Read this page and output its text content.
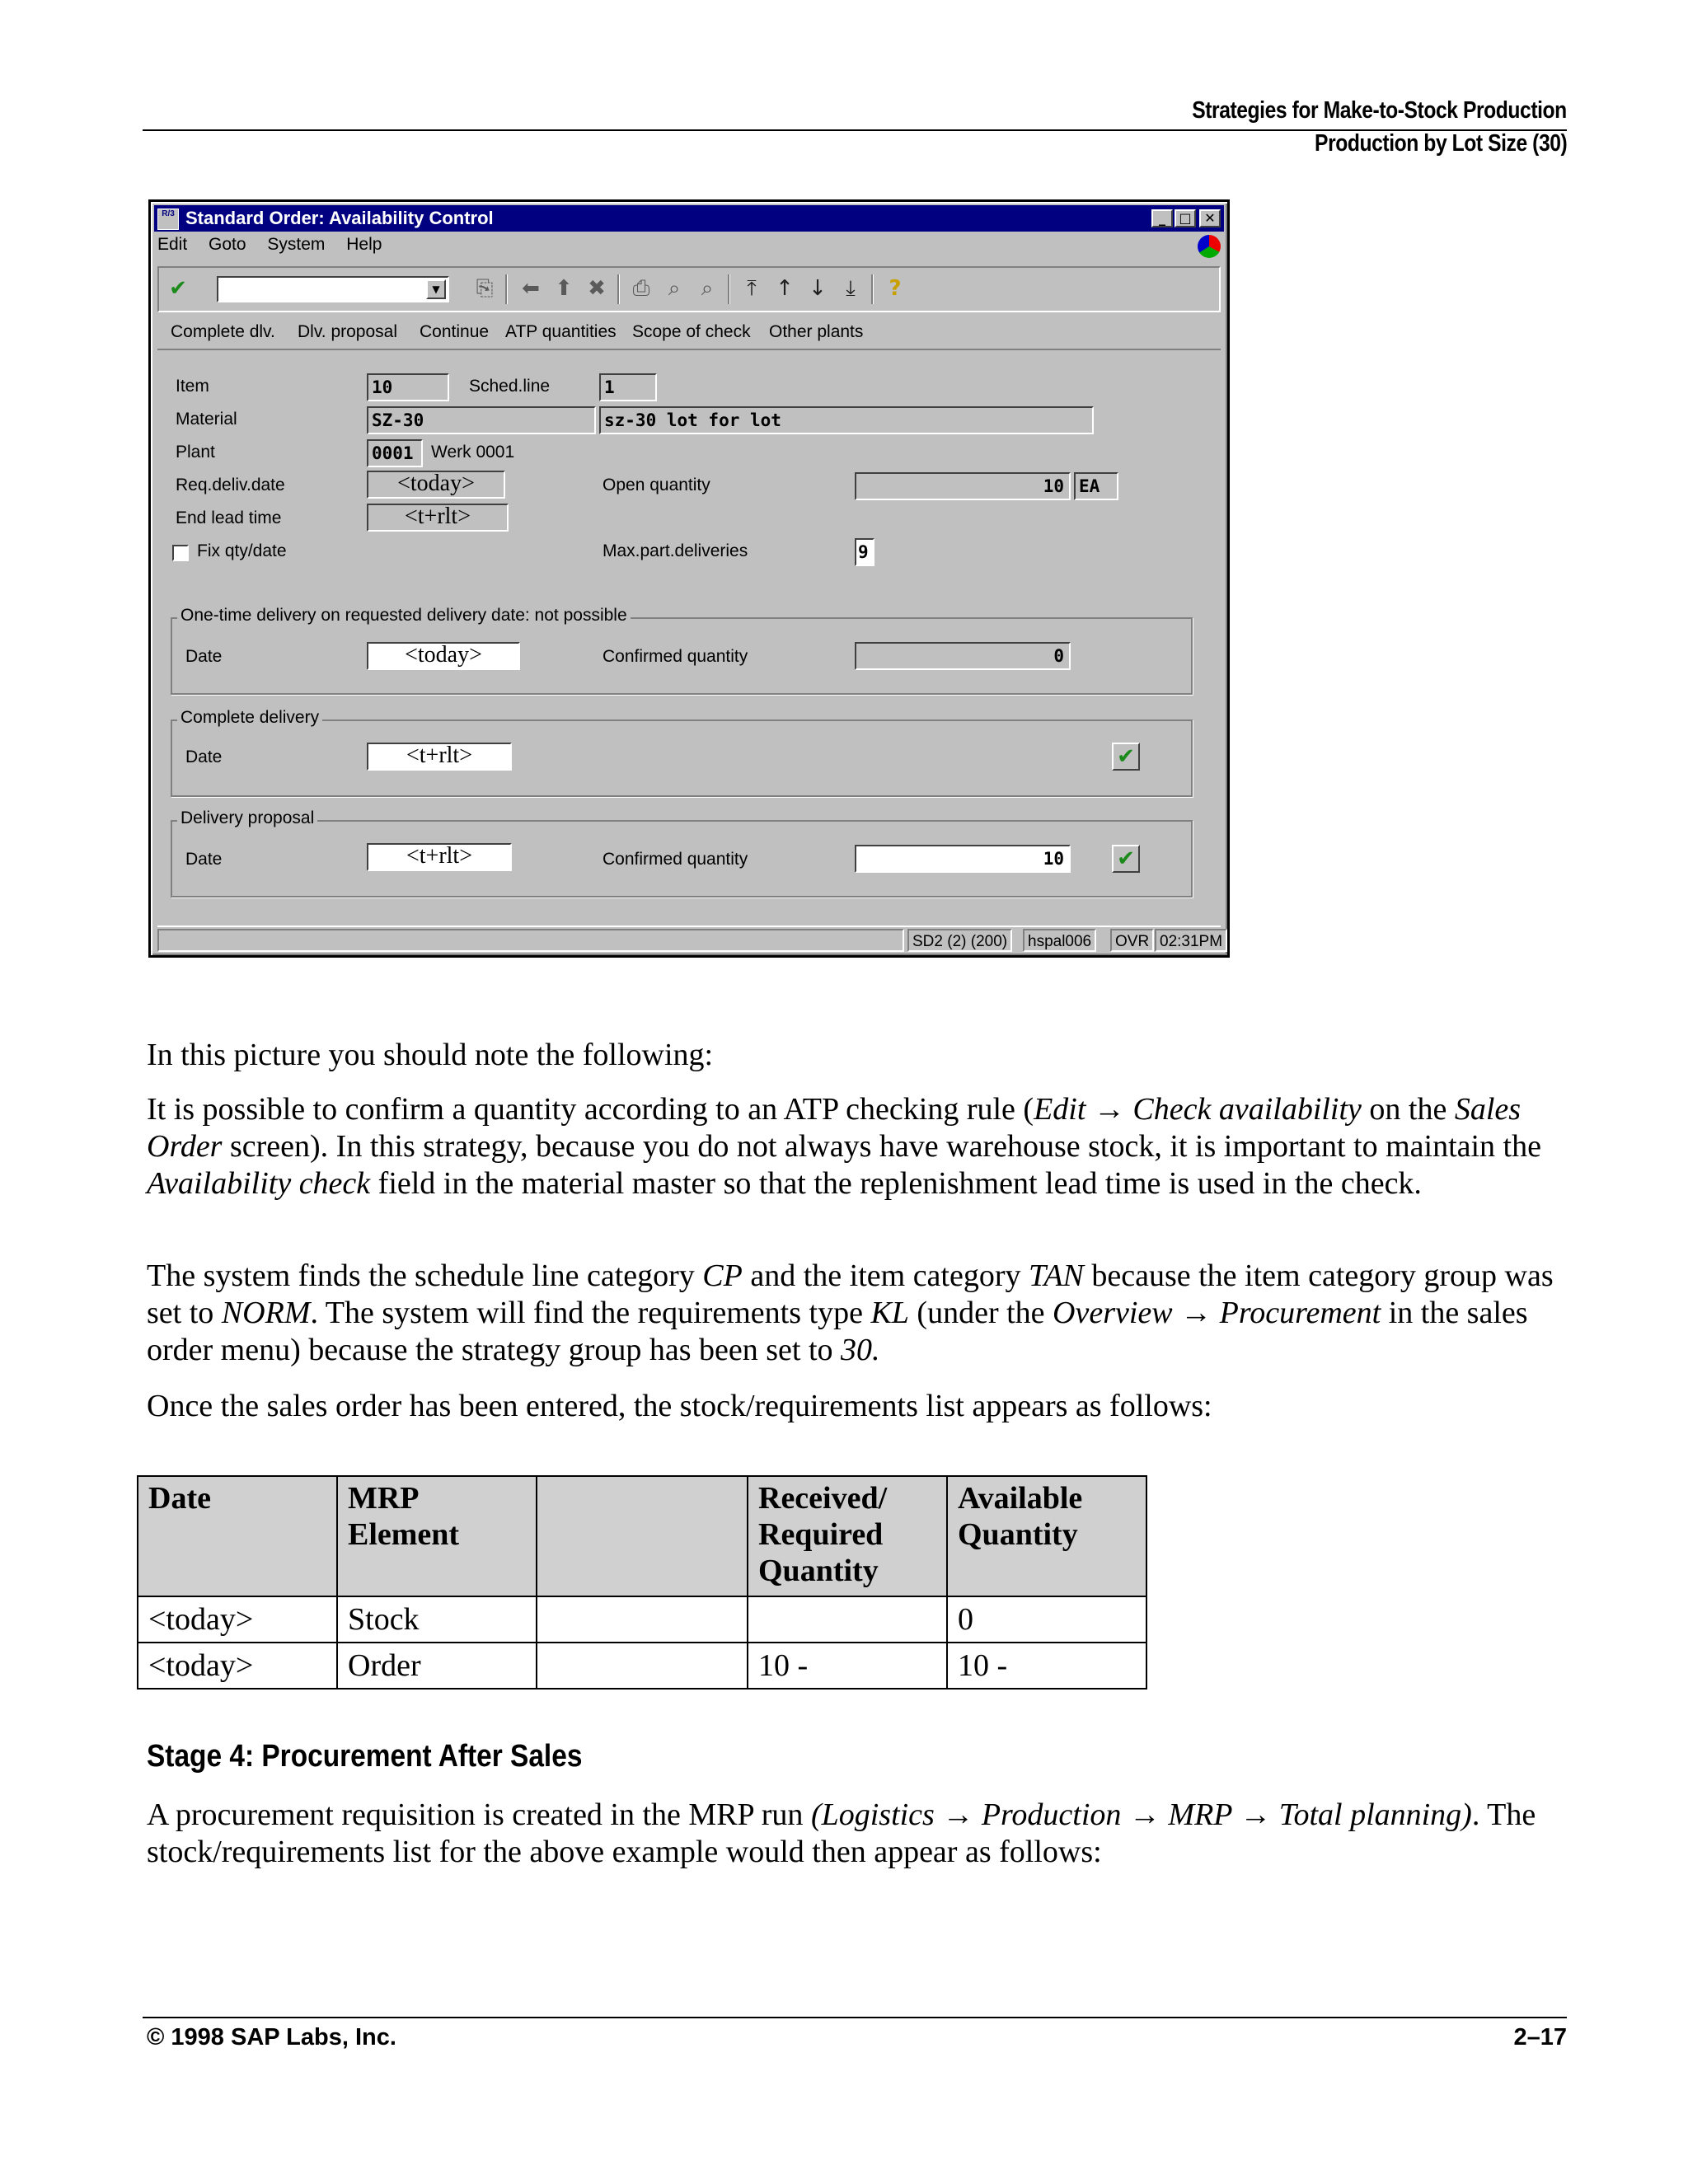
Strategies for Make-to-Stock Production
Production by Lot Size (30)
R/3 Standard Order: Availability Control	_	□ ✕
Edit Goto System Help
✔	▼ ⎘ ⬅ ⬆ ✖ ⎙ ⌕ ⌕	⤒ ↑ ↓ ⤓	?
Complete dlv. Dlv. proposal Continue ATP quantities Scope of check Other plants
Item	10	Sched.line	1
Material	SZ-30	sz-30 lot for lot
Plant	0001	Werk 0001
Req.deliv.date	<today>	Open quantity	10 EA
End lead time	<t+rlt>
Fix qty/date	Max.part.deliveries	9
One-time delivery on requested delivery date: not possible
Date	<today>	Confirmed quantity	0
Complete delivery
Date	<t+rlt>	✔
Delivery proposal
Date	<t+rlt>	Confirmed quantity	10	✔
SD2 (2) (200)	hspal006	OVR 02:31PM
In this picture you should note the following:
It is possible to confirm a quantity according to an ATP checking rule (Edit → Check availability on the Sales Order screen). In this strategy, because you do not always have warehouse stock, it is important to maintain the Availability check field in the material master so that the replenishment lead time is used in the check.
The system finds the schedule line category CP and the item category TAN because the item category group was set to NORM. The system will find the requirements type KL (under the Overview → Procurement in the sales order menu) because the strategy group has been set to 30.
Once the sales order has been entered, the stock/requirements list appears as follows:
Date	MRP Element		Received/ Required Quantity	Available Quantity
<today>	Stock			0
<today>	Order		10 -	10 -
Stage 4: Procurement After Sales
A procurement requisition is created in the MRP run (Logistics → Production → MRP → Total planning). The stock/requirements list for the above example would then appear as follows:
© 1998 SAP Labs, Inc.	2–17
